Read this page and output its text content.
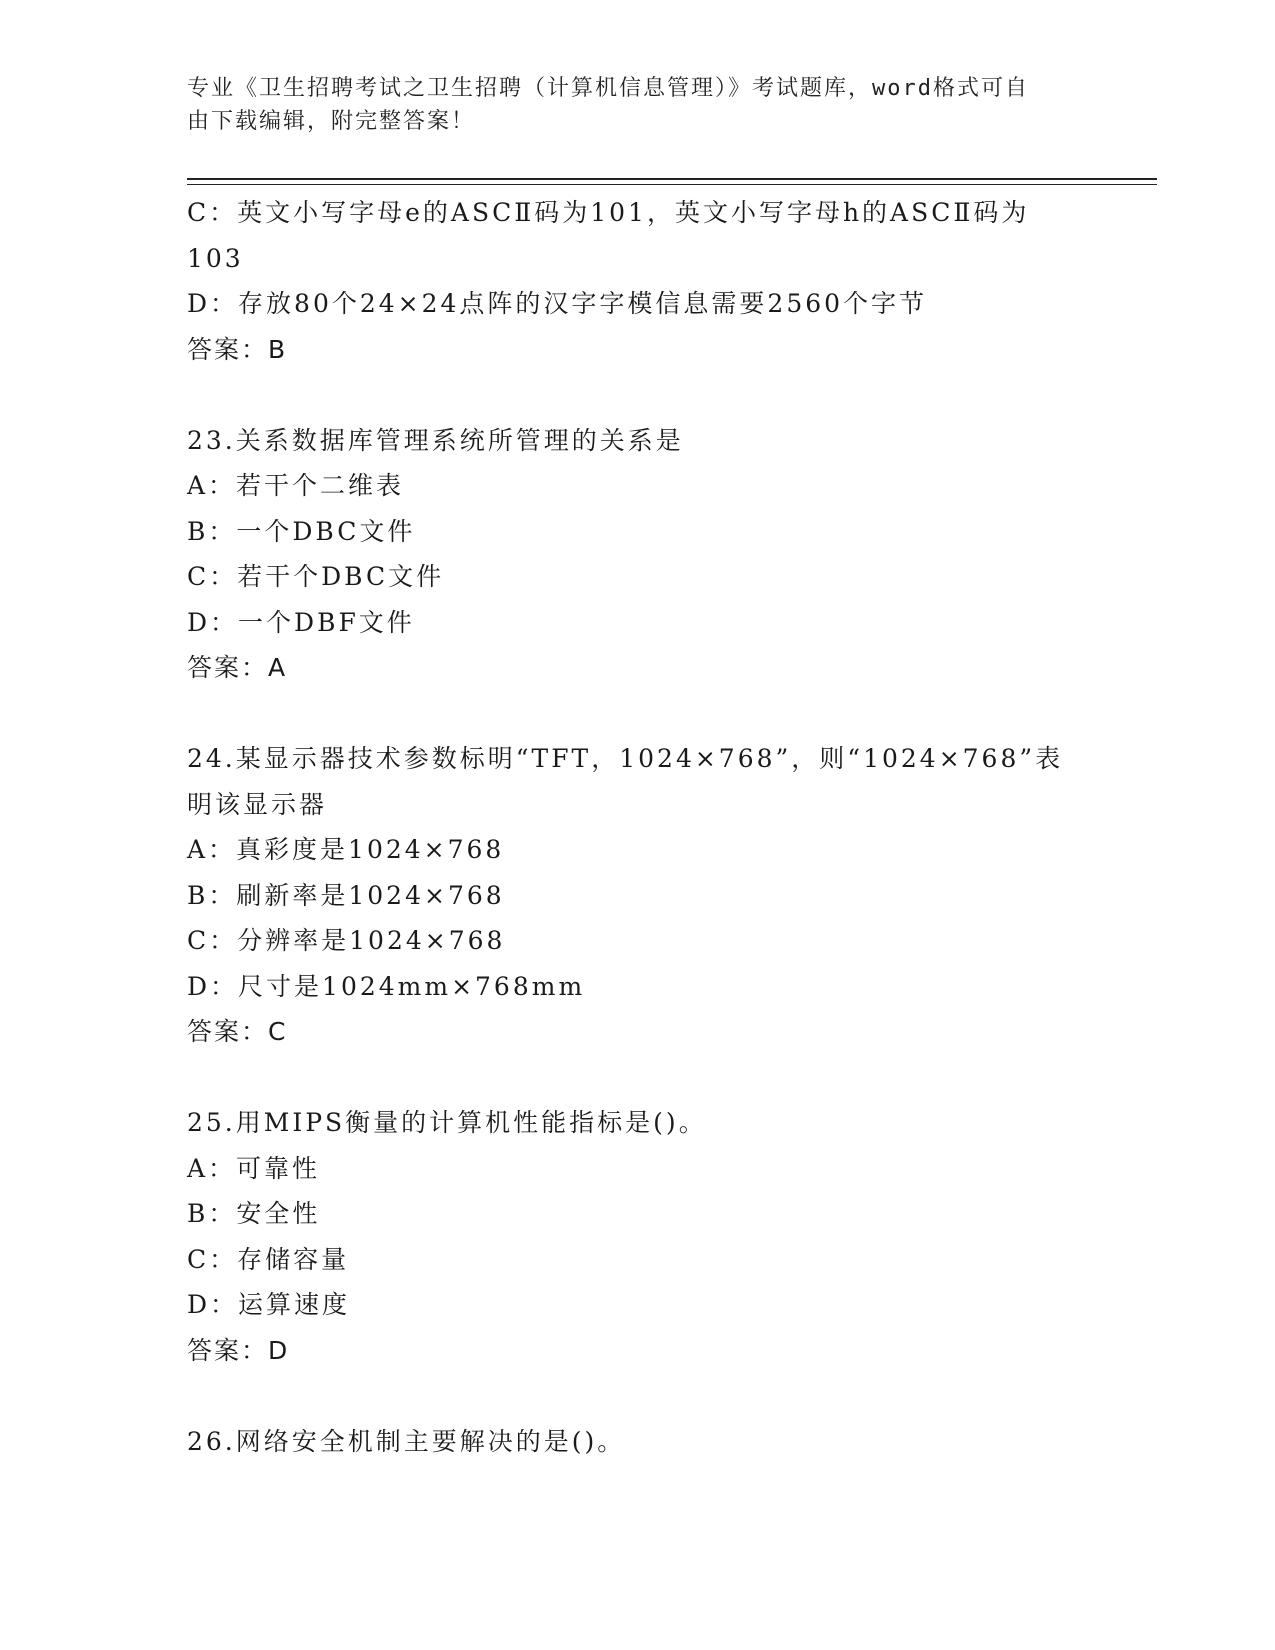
专业《卫生招聘考试之卫生招聘（计算机信息管理）》考试题库，word格式可自
由下载编辑，附完整答案！
C：英文小写字母e的ASCⅡ码为101，英文小写字母h的ASCⅡ码为
103
D：存放80个24×24点阵的汉字字模信息需要2560个字节
答案：B
23.关系数据库管理系统所管理的关系是
A：若干个二维表
B：一个DBC文件
C：若干个DBC文件
D：一个DBF文件
答案：A
24.某显示器技术参数标明“TFT，1024×768”，则“1024×768”表
明该显示器
A：真彩度是1024×768
B：刷新率是1024×768
C：分辨率是1024×768
D：尺寸是1024mm×768mm
答案：C
25.用MIPS衡量的计算机性能指标是()。
A：可靠性
B：安全性
C：存储容量
D：运算速度
答案：D
26.网络安全机制主要解决的是()。
